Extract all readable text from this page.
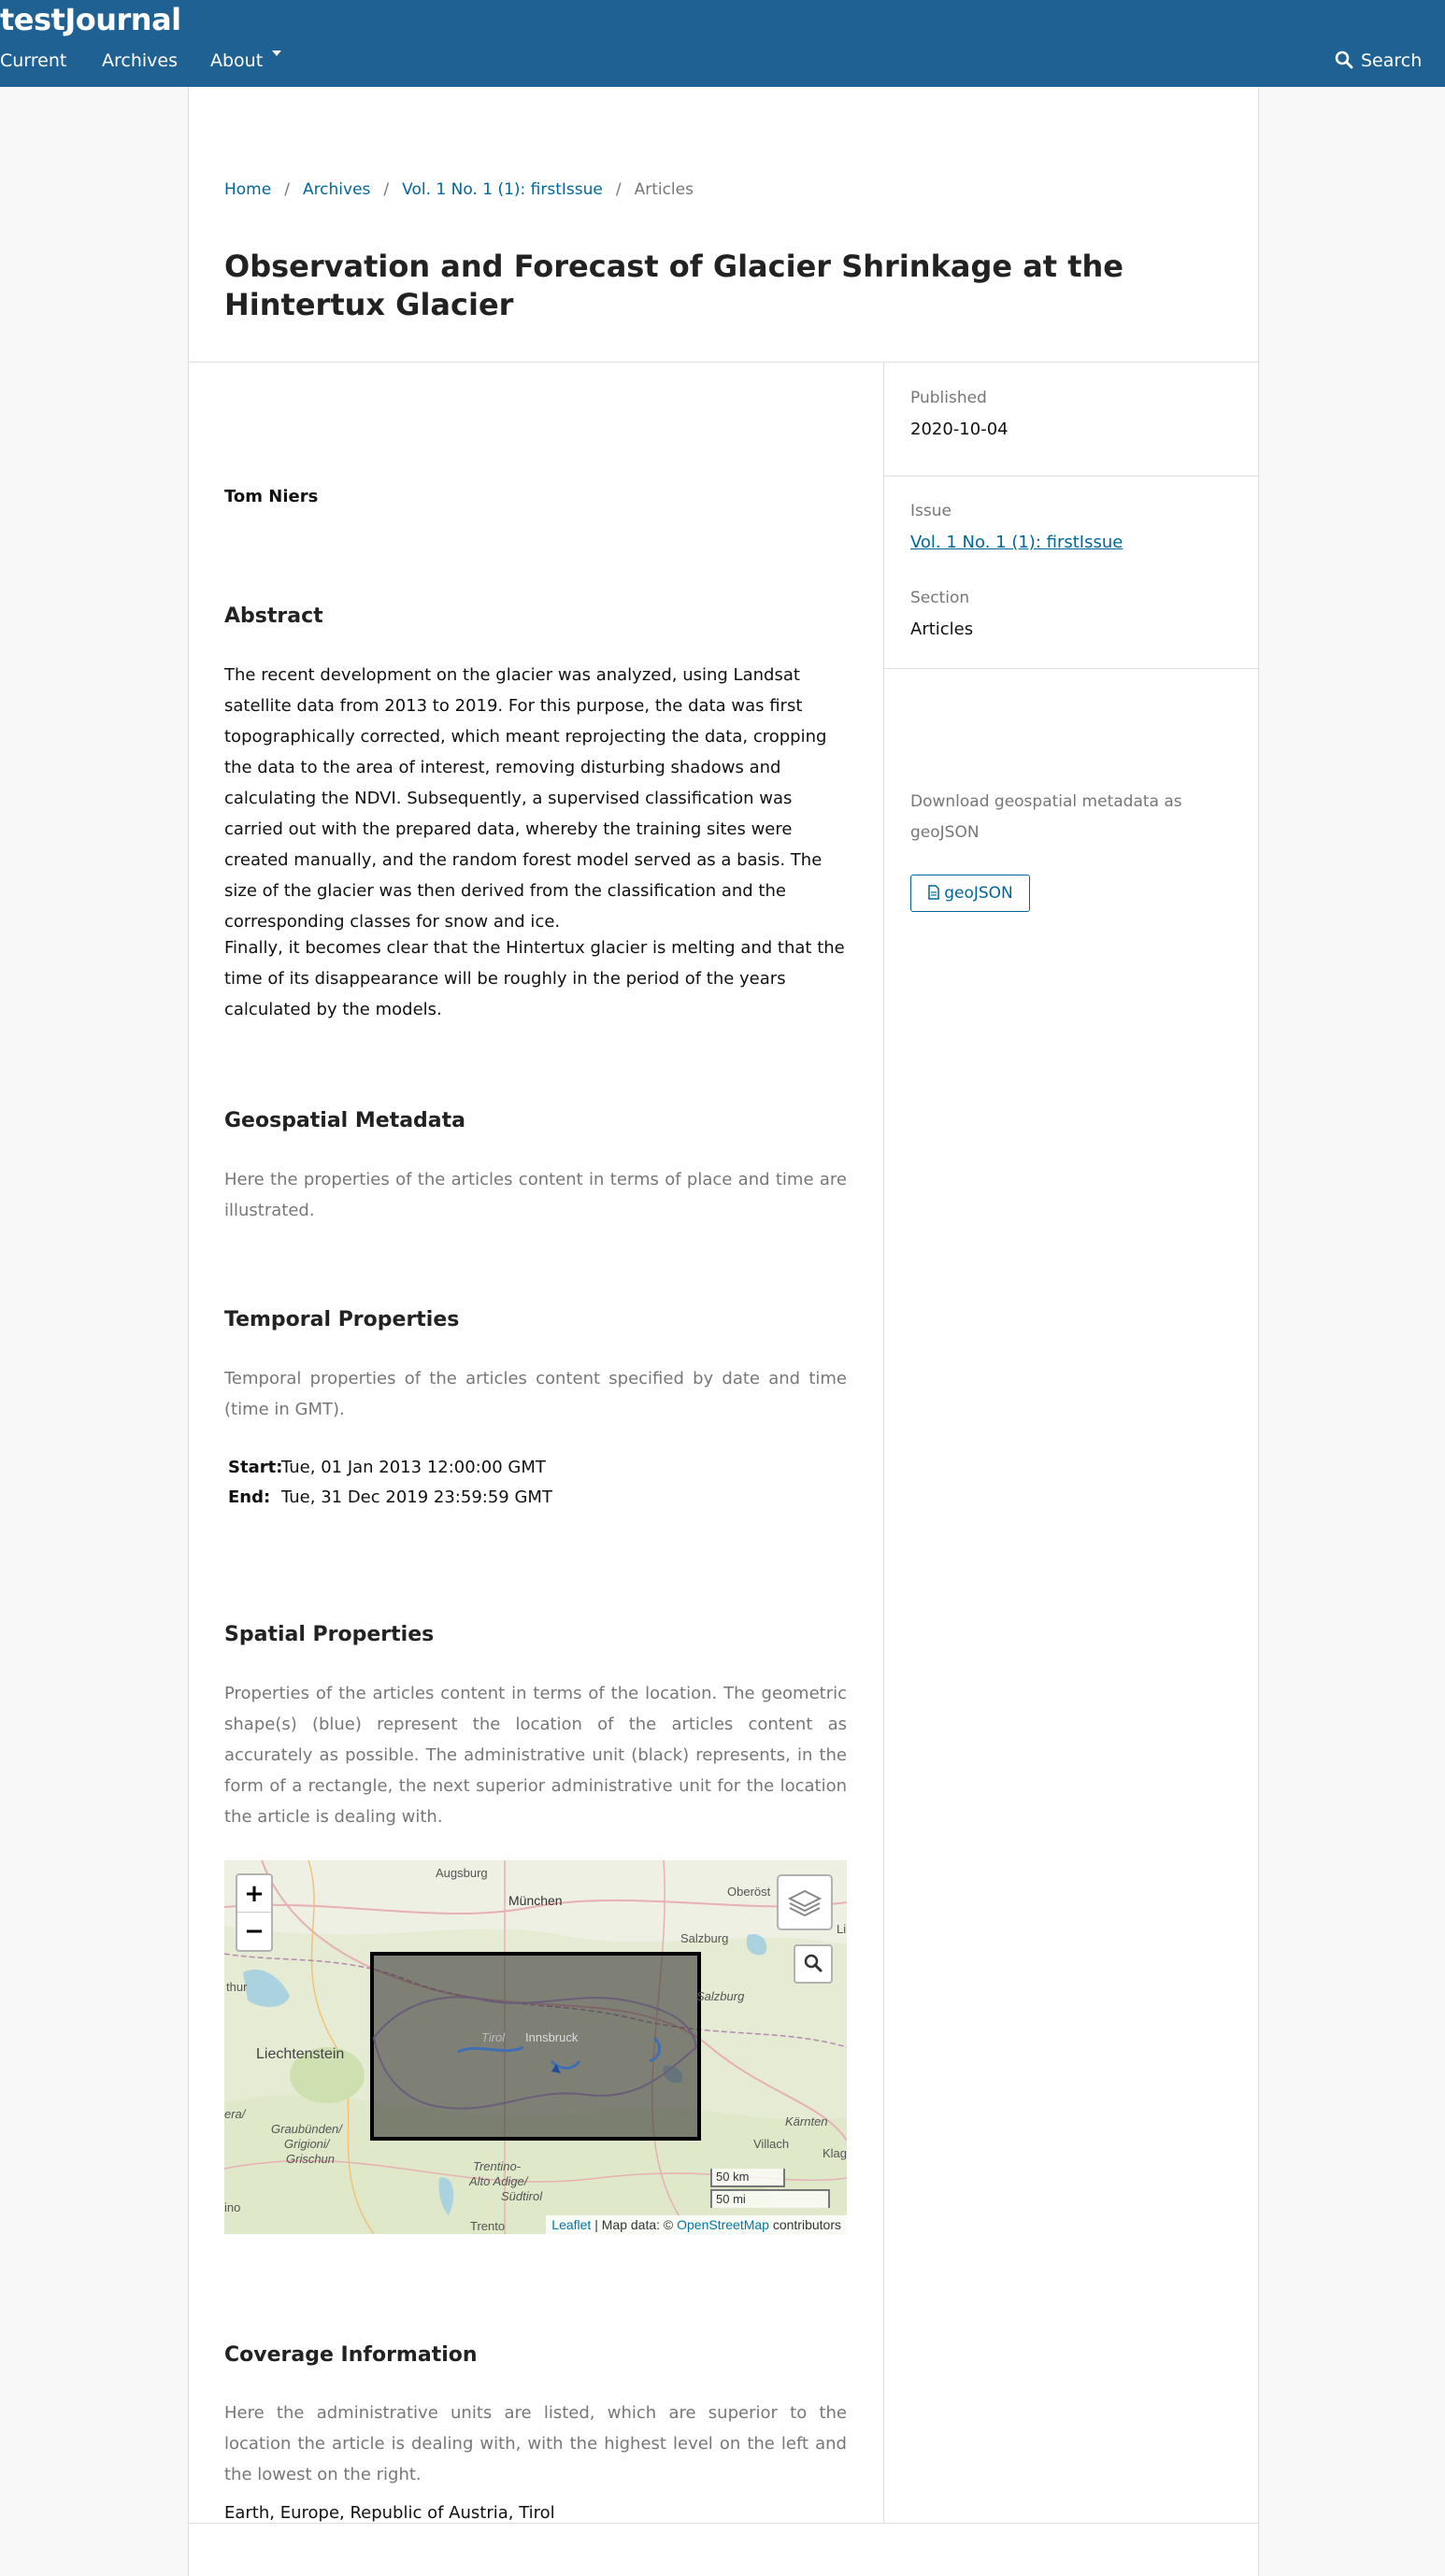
testJournal
Current Archives About	Search
Home / Archives / Vol. 1 No. 1 (1): firstIssue / Articles
Observation and Forecast of Glacier Shrinkage at the Hintertux Glacier
Tom Niers
Abstract

The recent development on the glacier was analyzed, using Landsat satellite data from 2013 to 2019. For this purpose, the data was first topographically corrected, which meant reprojecting the data, cropping the data to the area of interest, removing disturbing shadows and calculating the NDVI. Subsequently, a supervised classification was carried out with the prepared data, whereby the training sites were created manually, and the random forest model served as a basis. The size of the glacier was then derived from the classification and the corresponding classes for snow and ice.

Finally, it becomes clear that the Hintertux glacier is melting and that the time of its disappearance will be roughly in the period of the years calculated by the models.

Geospatial Metadata

Here the properties of the articles content in terms of place and time are illustrated.

Temporal Properties

Temporal properties of the articles content specified by date and time (time in GMT).

Start:Tue, 01 Jan 2013 12:00:00 GMT
End: Tue, 31 Dec 2019 23:59:59 GMT
Spatial Properties

Properties of the articles content in terms of the location. The geometric shape(s) (blue) represent the location of the articles content as accurately as possible. The administrative unit (black) represents, in the form of a rectangle, the next superior administrative unit for the location the article is dealing with.

Augsburg
München
Oberöst
Salzburg
Salzburg
thur
Liechtenstein
Tirol Innsbruck
Graubünden/
Grigioni/
Grischun
era/
Kärnten
Villach
Klag
Li
Trentino-
Alto Adige/
Südtirol
Trento
ino
+
−
50 km
50 mi
Leaflet | Map data: © OpenStreetMap contributors
Coverage Information

Here the administrative units are listed, which are superior to the location the article is dealing with, with the highest level on the left and the lowest on the right.

Earth, Europe, Republic of Austria, Tirol

Published
2020-10-04
Issue
Vol. 1 No. 1 (1): firstIssue
Section
Articles
Download geospatial metadata as geoJSON
geoJSON
